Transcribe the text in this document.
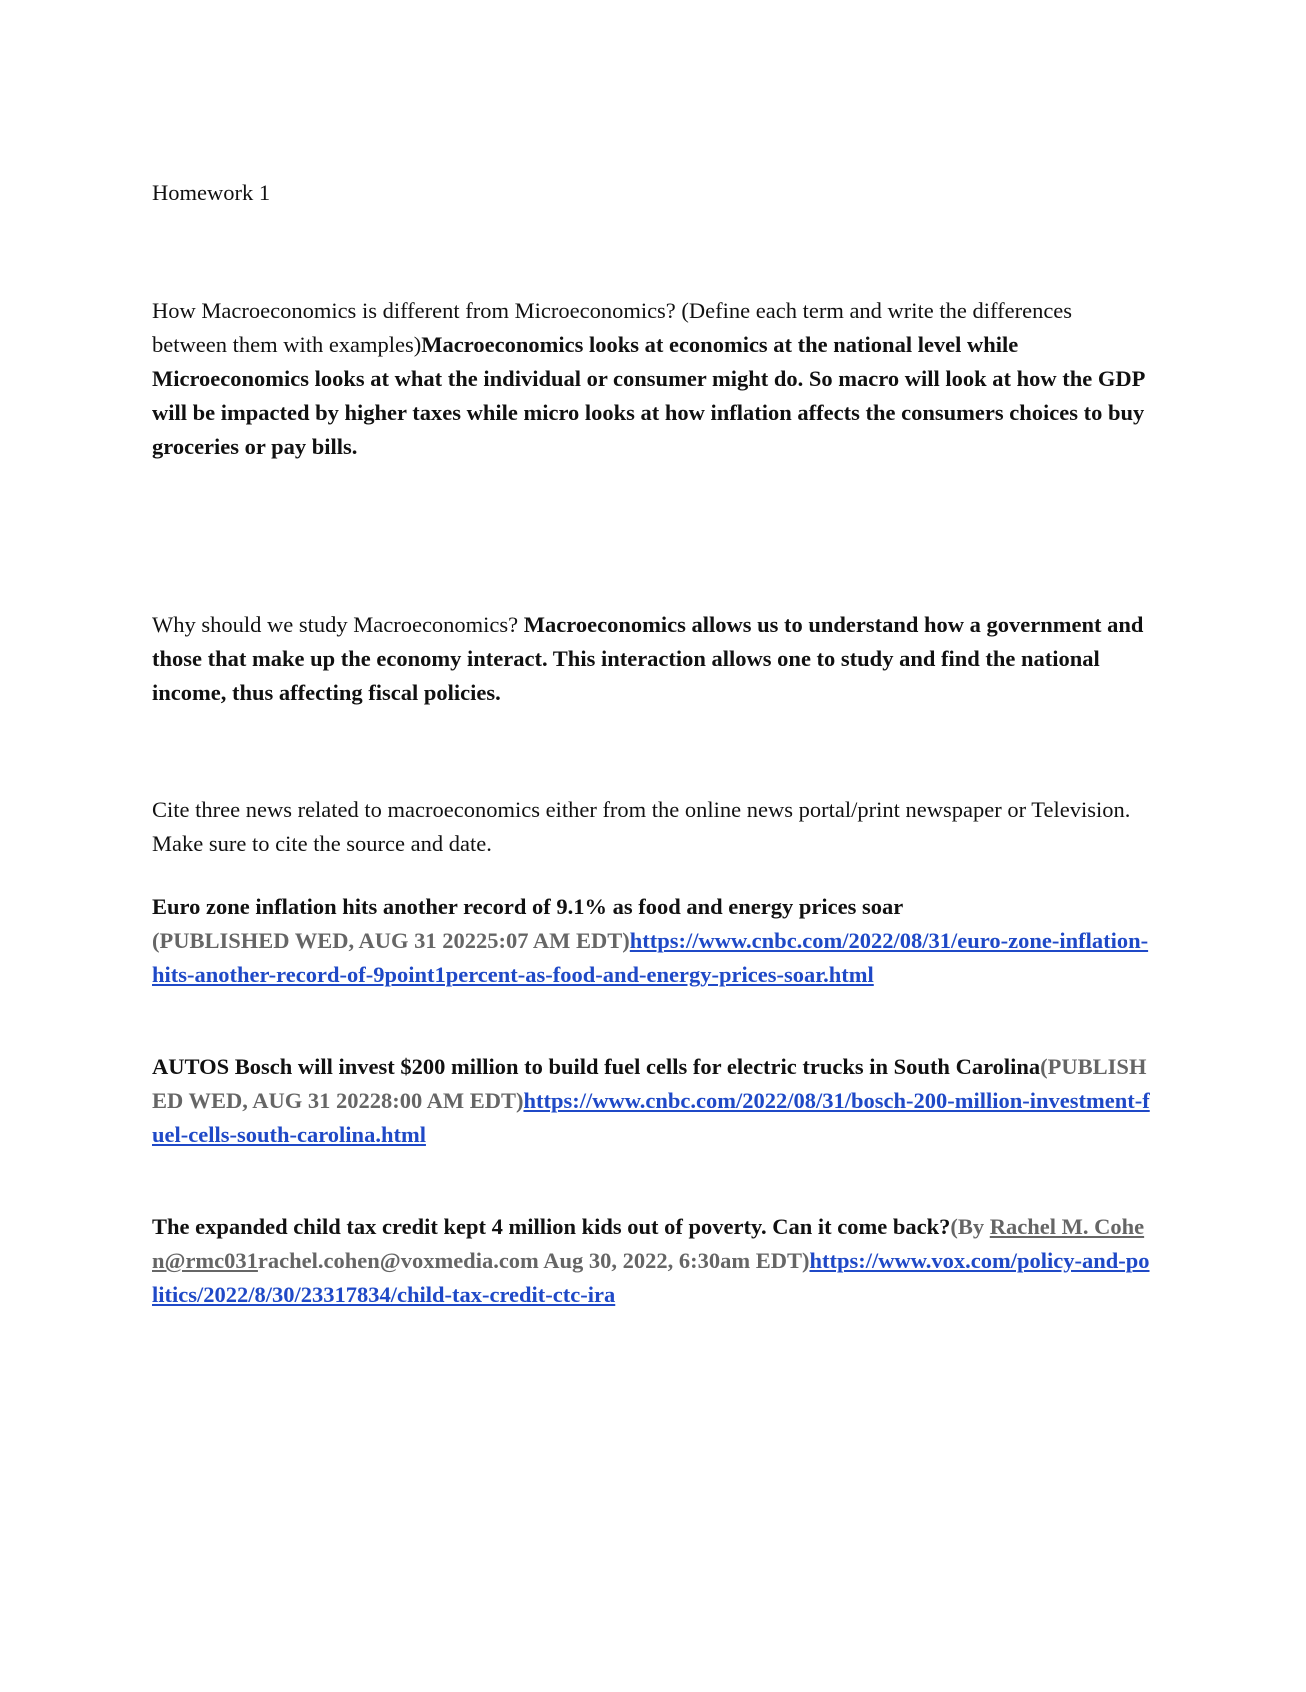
Homework 1
How Macroeconomics is different from Microeconomics? (Define each term and write the differences between them with examples)Macroeconomics looks at economics at the national level while Microeconomics looks at what the individual or consumer might do. So macro will look at how the GDP will be impacted by higher taxes while micro looks at how inflation affects the consumers choices to buy groceries or pay bills.
Why should we study Macroeconomics? Macroeconomics allows us to understand how a government and those that make up the economy interact. This interaction allows one to study and find the national income, thus affecting fiscal policies.
Cite three news related to macroeconomics either from the online news portal/print newspaper or Television. Make sure to cite the source and date.
Euro zone inflation hits another record of 9.1% as food and energy prices soar
(PUBLISHED WED, AUG 31 20225:07 AM EDT)https://www.cnbc.com/2022/08/31/euro-zone-inflation-hits-another-record-of-9point1percent-as-food-and-energy-prices-soar.html
AUTOS Bosch will invest $200 million to build fuel cells for electric trucks in South Carolina(PUBLISHED WED, AUG 31 20228:00 AM EDT)https://www.cnbc.com/2022/08/31/bosch-200-million-investment-fuel-cells-south-carolina.html
The expanded child tax credit kept 4 million kids out of poverty. Can it come back?(By Rachel M. Cohen@rmc031rachel.cohen@voxmedia.com Aug 30, 2022, 6:30am EDT)https://www.vox.com/policy-and-politics/2022/8/30/23317834/child-tax-credit-ctc-ira
